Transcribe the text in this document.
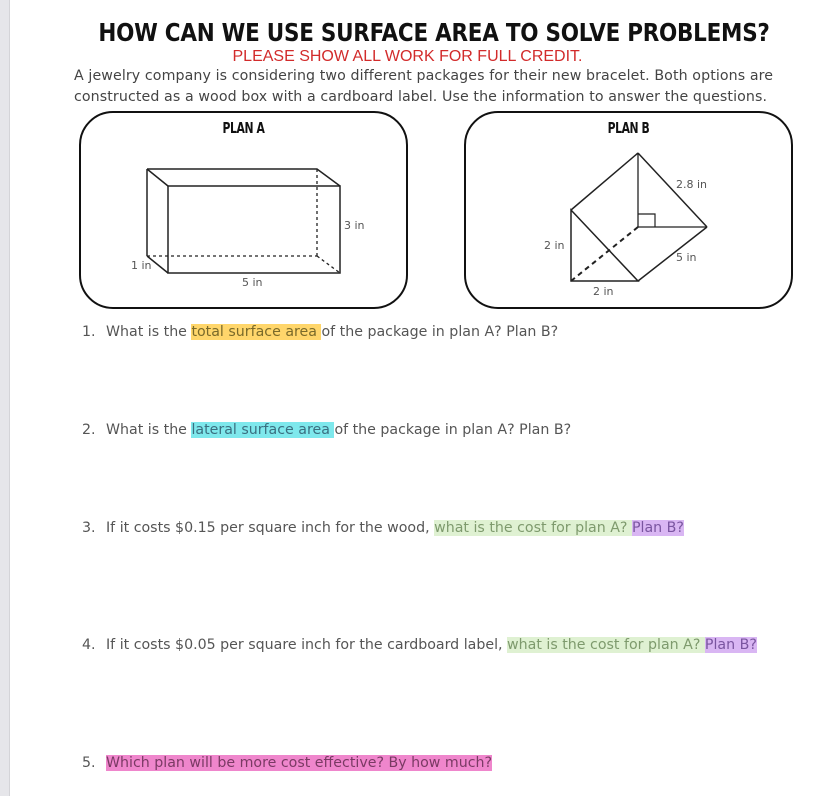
HOW CAN WE USE SURFACE AREA TO SOLVE PROBLEMS?
PLEASE SHOW ALL WORK FOR FULL CREDIT.
A jewelry company is considering two different packages for their new bracelet. Both options are
constructed as a wood box with a cardboard label. Use the information to answer the questions.
PLAN A
3 in
1 in
5 in
PLAN B
2.8 in
2 in
5 in
2 in
1. What is the total surface area of the package in plan A? Plan B?
2. What is the lateral surface area of the package in plan A? Plan B?
3. If it costs $0.15 per square inch for the wood, what is the cost for plan A? Plan B?
4. If it costs $0.05 per square inch for the cardboard label, what is the cost for plan A? Plan B?
5. Which plan will be more cost effective? By how much?
